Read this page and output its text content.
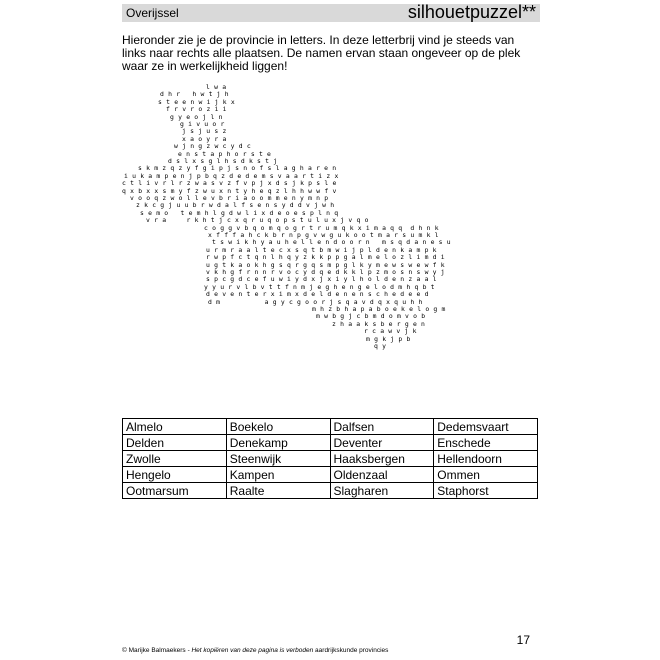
Overijssel	silhouetpuzzel**
Hieronder zie je de provincie in letters. In deze letterbrij vind je steeds van links naar rechts alle plaatsen. De namen ervan staan ongeveer op de plek waar ze in werkelijkheid liggen!
l w a
d h r   h w t j h
s t e e n w i j k x
f r v r o z i i
g y e o j l n
g i v u o r
j s j u s z
x a o y r a
w j n g z w c y d c
e n s t a p h o r s t e
d s l x s g l h s d k s t j
s k m z q z y f g i p j s n o f s l a g h a r e n
i u k a m p e n j p b q z d e d e m s v a a r t i z x
c t l i v r l r z w a s v z f v p j x d s j k p s l e
q x b x x s m y f z w u x n t y h e q z l h h w w f v
v o o q z w o l l e v b r i a o o m m e n y m n p
z k c g j u u b r w d a l f s e n s y d d v j w h
s e m o   t e m h l g d w l i x d e o e s p l n q
v r a     r k h t j c x q r u q o p s t u l u x j v q o
c o g g v b q o m q o g r t r u m q k x i m a q q  d h n k
x f f f a h c k b r n p g v w g u k o o t m a r s u m k l
t s w i k h y a u h e l l e n d o o r n   m s q d a n e s u
u r m r a a l t e c x s q t b m w i j p l d e n k a m p k
r w p f c t q n l h q y z k k p p g a l m e l o z l i m d i
u g t k a o k h g s q r g q s m p g l k y m e w s w e w f k
v k h g f r n n r v o c y d q e d k k l p z m o s n s w y j
s p c g d c e f u w i y d x j x i y l h o l d e n z a a l
y y u r v l b v t t f n m j e g h e n g e l o d m h q b t
d e v e n t e r x i m x d e l d e n e n s c h e d e e d
d m           a g y c g o o r j s q a v d q x q u h h
m h z b h a p a b o e k e l o g m
m w b g j c b m d o m v o b
z h a a k s b e r g e n
r c a w v j k
m g k j p b
q y
Almelo	Boekelo	Dalfsen	Dedemsvaart
Delden	Denekamp	Deventer	Enschede
Zwolle	Steenwijk	Haaksbergen	Hellendoorn
Hengelo	Kampen	Oldenzaal	Ommen
Ootmarsum	Raalte	Slagharen	Staphorst
17
© Marijke Balmaekers - Het kopiëren van deze pagina is verboden aardrijkskunde provincies
